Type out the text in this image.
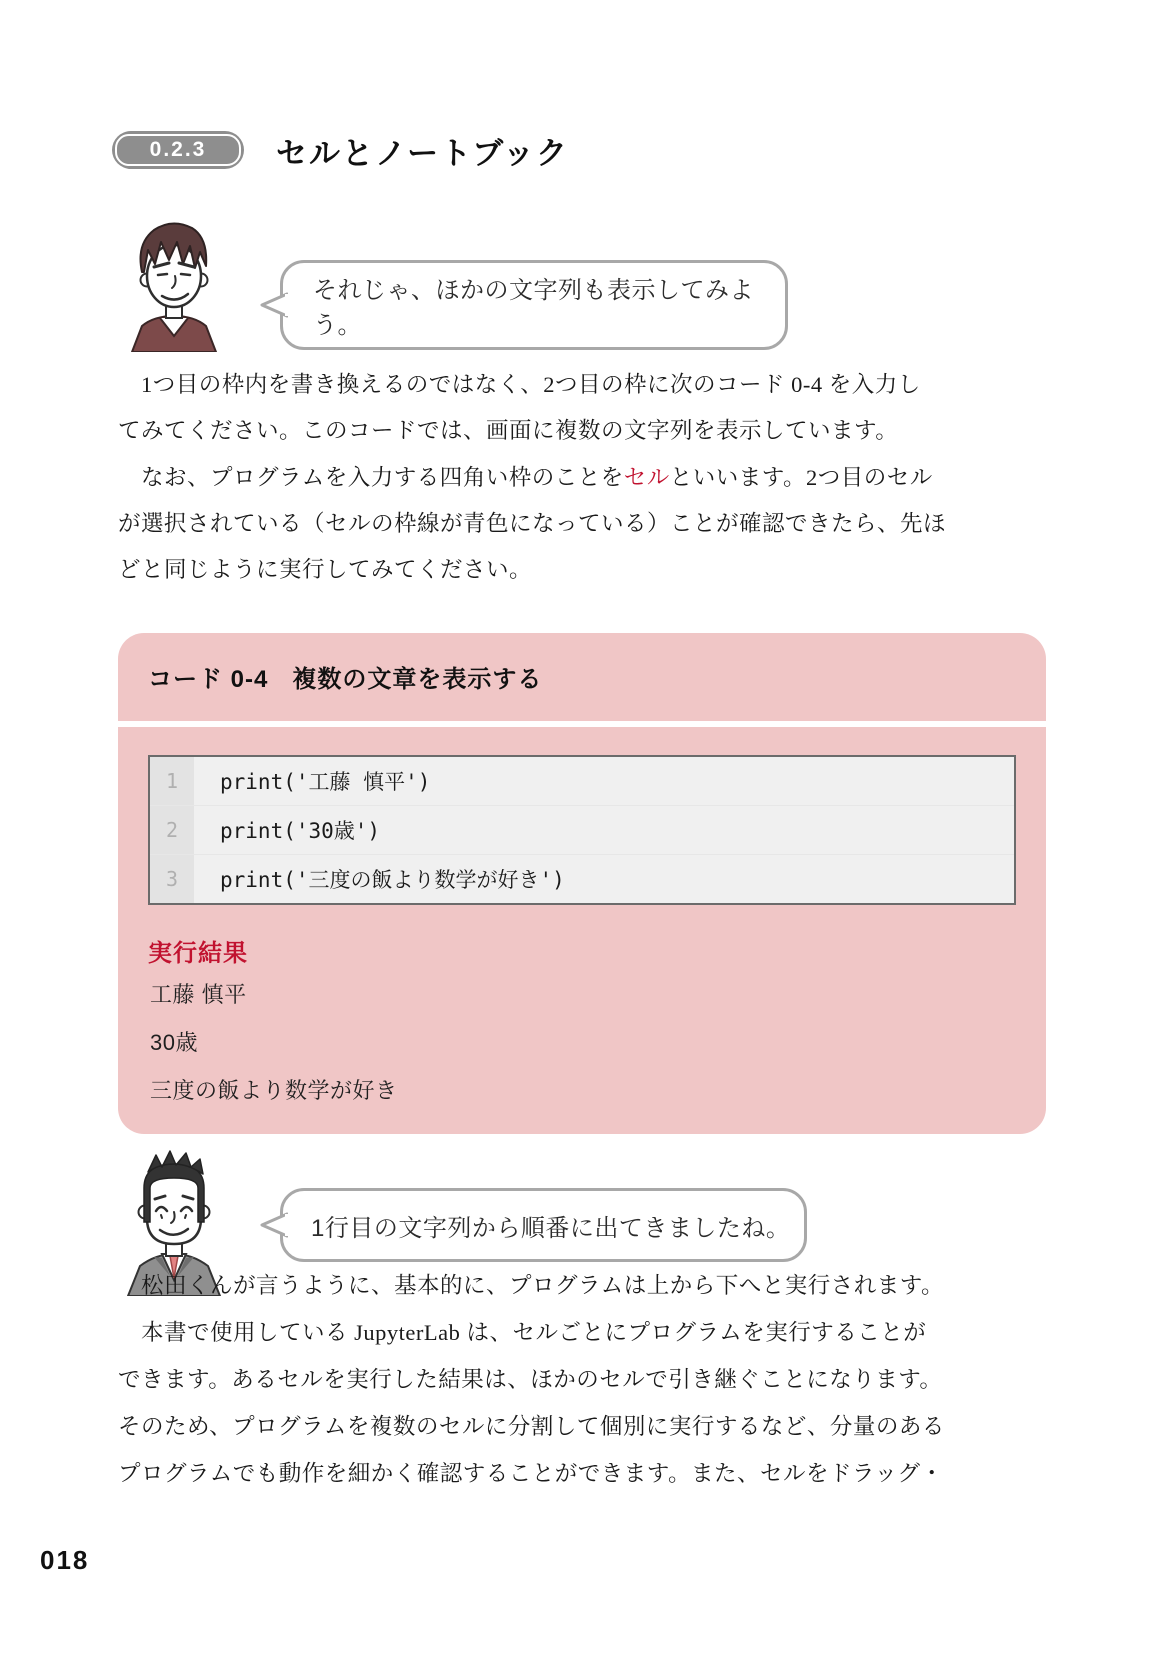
0.2.3	セルとノートブック
それじゃ、ほかの文字列も表示してみよう。
　1つ目の枠内を書き換えるのではなく、2つ目の枠に次のコード 0-4 を入力し
てみてください。このコードでは、画面に複数の文字列を表示しています。
　なお、プログラムを入力する四角い枠のことをセルといいます。2つ目のセル
が選択されている（セルの枠線が青色になっている）ことが確認できたら、先ほ
どと同じように実行してみてください。
コード 0-4 複数の文章を表示する
1	print('工藤 慎平')
2	print('30歳')
3	print('三度の飯より数学が好き')
実行結果
工藤 慎平
30歳
三度の飯より数学が好き
1行目の文字列から順番に出てきましたね。
　松田くんが言うように、基本的に、プログラムは上から下へと実行されます。
　本書で使用している JupyterLab は、セルごとにプログラムを実行することが
できます。あるセルを実行した結果は、ほかのセルで引き継ぐことになります。
そのため、プログラムを複数のセルに分割して個別に実行するなど、分量のある
プログラムでも動作を細かく確認することができます。また、セルをドラッグ・
018
